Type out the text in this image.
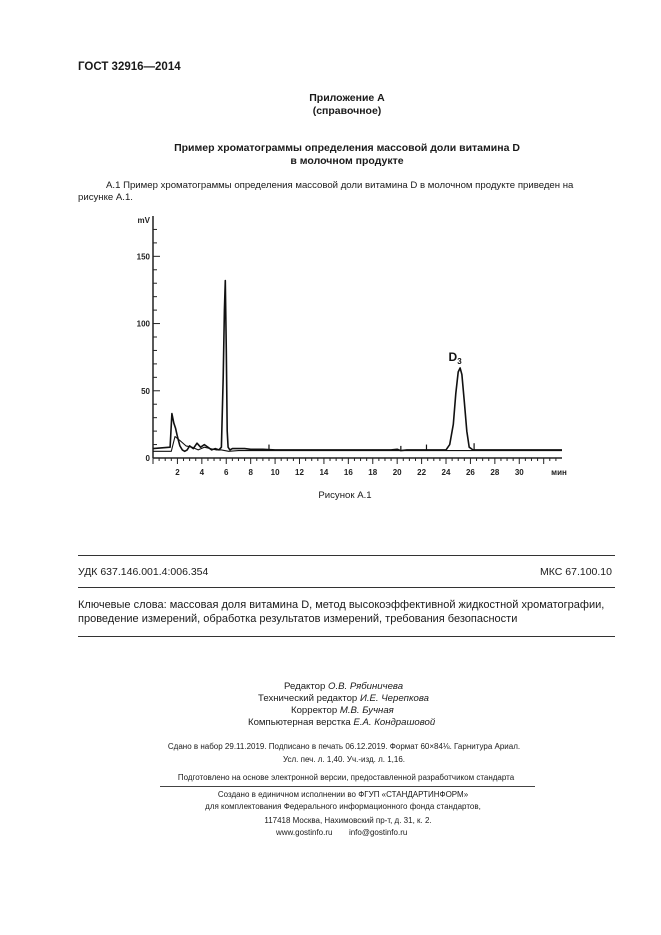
ГОСТ 32916—2014
Приложение А
(справочное)
Пример хроматограммы определения массовой доли витамина D
в молочном продукте
А.1 Пример хроматограммы определения массовой доли витамина D в молочном продукте приведен на
рисунке А.1.
0
50
100
150
2 4 6 8 10 12 14 16 18 20 22 24 26 28 30
mV
мин
$D_3$
Рисунок А.1
УДК 637.146.001.4:006.354	МКС 67.100.10
Ключевые слова: массовая доля витамина D, метод высокоэффективной жидкостной хроматографии,
проведение измерений, обработка результатов измерений, требования безопасности
Редактор О.В. Рябиничева
Технический редактор И.Е. Черепкова
Корректор М.В. Бучная
Компьютерная верстка Е.А. Кондрашовой
Сдано в набор 29.11.2019. Подписано в печать 06.12.2019. Формат 60×84⅛. Гарнитура Ариал.
Усл. печ. л. 1,40. Уч.-изд. л. 1,16.
Подготовлено на основе электронной версии, предоставленной разработчиком стандарта
Создано в единичном исполнении во ФГУП «СТАНДАРТИНФОРМ»
для комплектования Федерального информационного фонда стандартов,
117418 Москва, Нахимовский пр-т, д. 31, к. 2.
www.gostinfo.ru info@gostinfo.ru
